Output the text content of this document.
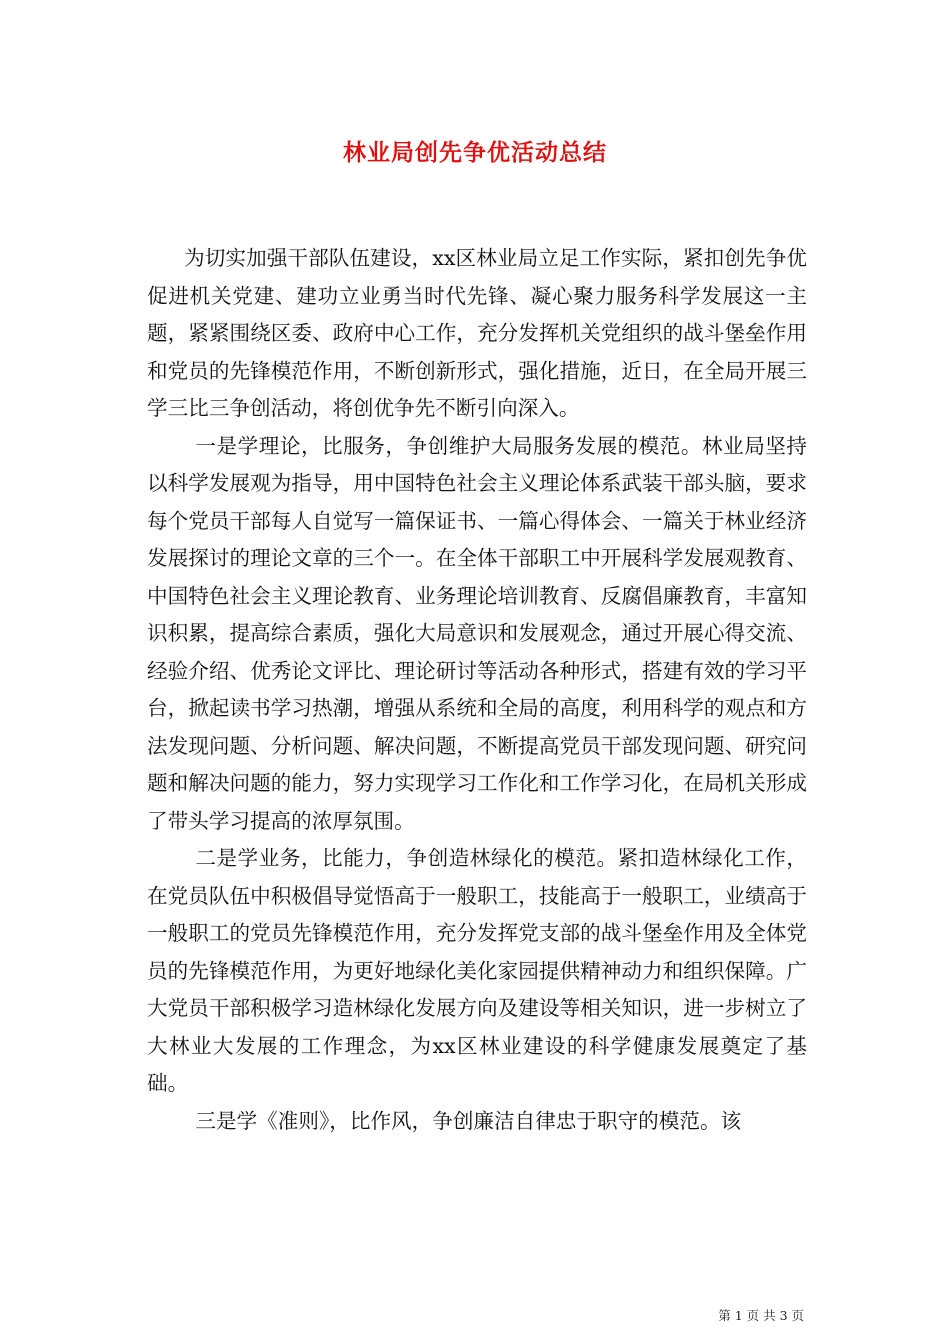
林业局创先争优活动总结

为切实加强干部队伍建设，xx区林业局立足工作实际，紧扣创先争优促进机关党建、建功立业勇当时代先锋、凝心聚力服务科学发展这一主题，紧紧围绕区委、政府中心工作，充分发挥机关党组织的战斗堡垒作用和党员的先锋模范作用，不断创新形式，强化措施，近日，在全局开展三学三比三争创活动，将创优争先不断引向深入。

一是学理论，比服务，争创维护大局服务发展的模范。林业局坚持以科学发展观为指导，用中国特色社会主义理论体系武装干部头脑，要求每个党员干部每人自觉写一篇保证书、一篇心得体会、一篇关于林业经济发展探讨的理论文章的三个一。在全体干部职工中开展科学发展观教育、中国特色社会主义理论教育、业务理论培训教育、反腐倡廉教育，丰富知识积累，提高综合素质，强化大局意识和发展观念，通过开展心得交流、经验介绍、优秀论文评比、理论研讨等活动各种形式，搭建有效的学习平台，掀起读书学习热潮，增强从系统和全局的高度，利用科学的观点和方法发现问题、分析问题、解决问题，不断提高党员干部发现问题、研究问题和解决问题的能力，努力实现学习工作化和工作学习化，在局机关形成了带头学习提高的浓厚氛围。

二是学业务，比能力，争创造林绿化的模范。紧扣造林绿化工作，在党员队伍中积极倡导觉悟高于一般职工，技能高于一般职工，业绩高于一般职工的党员先锋模范作用，充分发挥党支部的战斗堡垒作用及全体党员的先锋模范作用，为更好地绿化美化家园提供精神动力和组织保障。广大党员干部积极学习造林绿化发展方向及建设等相关知识，进一步树立了大林业大发展的工作理念，为xx区林业建设的科学健康发展奠定了基础。

三是学《准则》，比作风，争创廉洁自律忠于职守的模范。该

第 1 页 共 3 页
